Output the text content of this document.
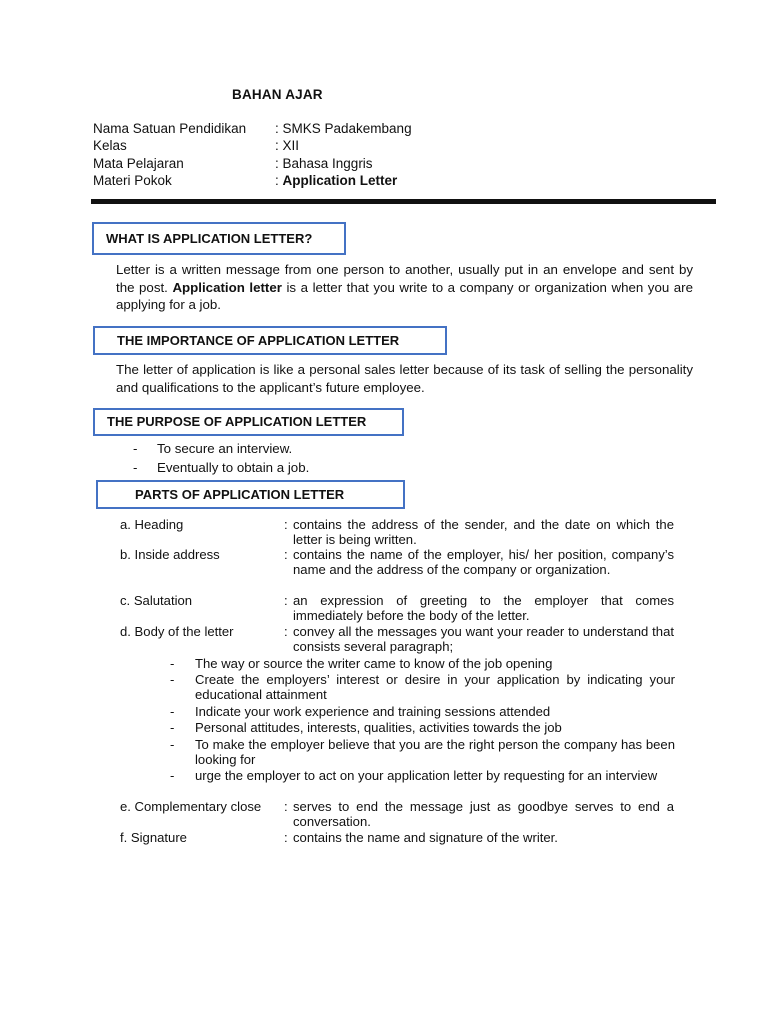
BAHAN AJAR
Nama Satuan Pendidikan : SMKS Padakembang
Kelas	: XII
Mata Pelajaran	: Bahasa Inggris
Materi Pokok	: Application Letter
WHAT IS APPLICATION LETTER?
Letter is a written message from one person to another, usually put in an envelope and sent by the post. Application letter is a letter that you write to a company or organization when you are applying for a job.
THE IMPORTANCE OF APPLICATION LETTER
The letter of application is like a personal sales letter because of its task of selling the personality and qualifications to the applicant’s future employee.
THE PURPOSE OF APPLICATION LETTER
- To secure an interview.
- Eventually to obtain a job.
PARTS OF APPLICATION LETTER
a. Heading	: contains the address of the sender, and the date on which the letter is being written.
b. Inside address	: contains the name of the employer, his/ her position, company’s name and the address of the company or organization.
c. Salutation	: an expression of greeting to the employer that comes immediately before the body of the letter.
d. Body of the letter	: convey all the messages you want your reader to understand that consists several paragraph;
- The way or source the writer came to know of the job opening
- Create the employers’ interest or desire in your application by indicating your educational attainment
- Indicate your work experience and training sessions attended
- Personal attitudes, interests, qualities, activities towards the job
- To make the employer believe that you are the right person the company has been looking for
- urge the employer to act on your application letter by requesting for an interview
e. Complementary close : serves to end the message just as goodbye serves to end a conversation.
f. Signature	: contains the name and signature of the writer.
